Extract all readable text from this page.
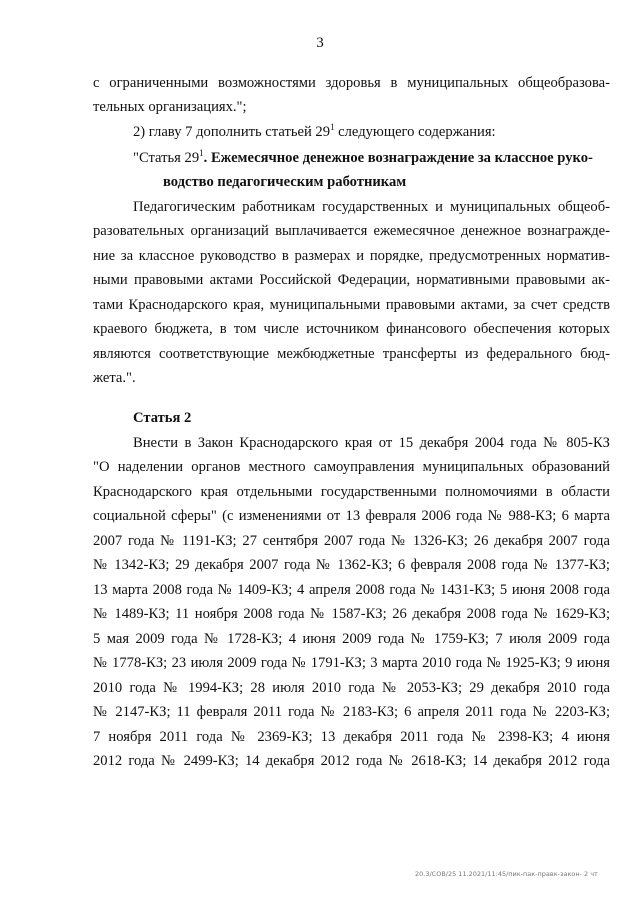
3
с ограниченными возможностями здоровья в муниципальных общеобразова-
тельных организациях.";
2) главу 7 дополнить статьей $29^1$ следующего содержания:
"Статья $29^1$. Ежемесячное денежное вознаграждение за классное руко-
водство педагогическим работникам
Педагогическим работникам государственных и муниципальных общеоб-
разовательных организаций выплачивается ежемесячное денежное вознагражде-
ние за классное руководство в размерах и порядке, предусмотренных норматив-
ными правовыми актами Российской Федерации, нормативными правовыми ак-
тами Краснодарского края, муниципальными правовыми актами, за счет средств
краевого бюджета, в том числе источником финансового обеспечения которых
являются соответствующие межбюджетные трансферты из федерального бюд-
жета.".
Статья 2
Внести в Закон Краснодарского края от 15 декабря 2004 года № 805-КЗ
"О наделении органов местного самоуправления муниципальных образований
Краснодарского края отдельными государственными полномочиями в области
социальной сферы" (с изменениями от 13 февраля 2006 года № 988-КЗ; 6 марта
2007 года № 1191-КЗ; 27 сентября 2007 года № 1326-КЗ; 26 декабря 2007 года
№ 1342-КЗ; 29 декабря 2007 года № 1362-КЗ; 6 февраля 2008 года № 1377-КЗ;
13 марта 2008 года № 1409-КЗ; 4 апреля 2008 года № 1431-КЗ; 5 июня 2008 года
№ 1489-КЗ; 11 ноября 2008 года № 1587-КЗ; 26 декабря 2008 года № 1629-КЗ;
5 мая 2009 года № 1728-КЗ; 4 июня 2009 года № 1759-КЗ; 7 июля 2009 года
№ 1778-КЗ; 23 июля 2009 года № 1791-КЗ; 3 марта 2010 года № 1925-КЗ; 9 июня
2010 года № 1994-КЗ; 28 июля 2010 года № 2053-КЗ; 29 декабря 2010 года
№ 2147-КЗ; 11 февраля 2011 года № 2183-КЗ; 6 апреля 2011 года № 2203-КЗ;
7 ноября 2011 года № 2369-КЗ; 13 декабря 2011 года № 2398-КЗ; 4 июня
2012 года № 2499-КЗ; 14 декабря 2012 года № 2618-КЗ; 14 декабря 2012 года
20.3/COB/25 11.2021/11:45/пик-пак-правк-закон- 2 чт
